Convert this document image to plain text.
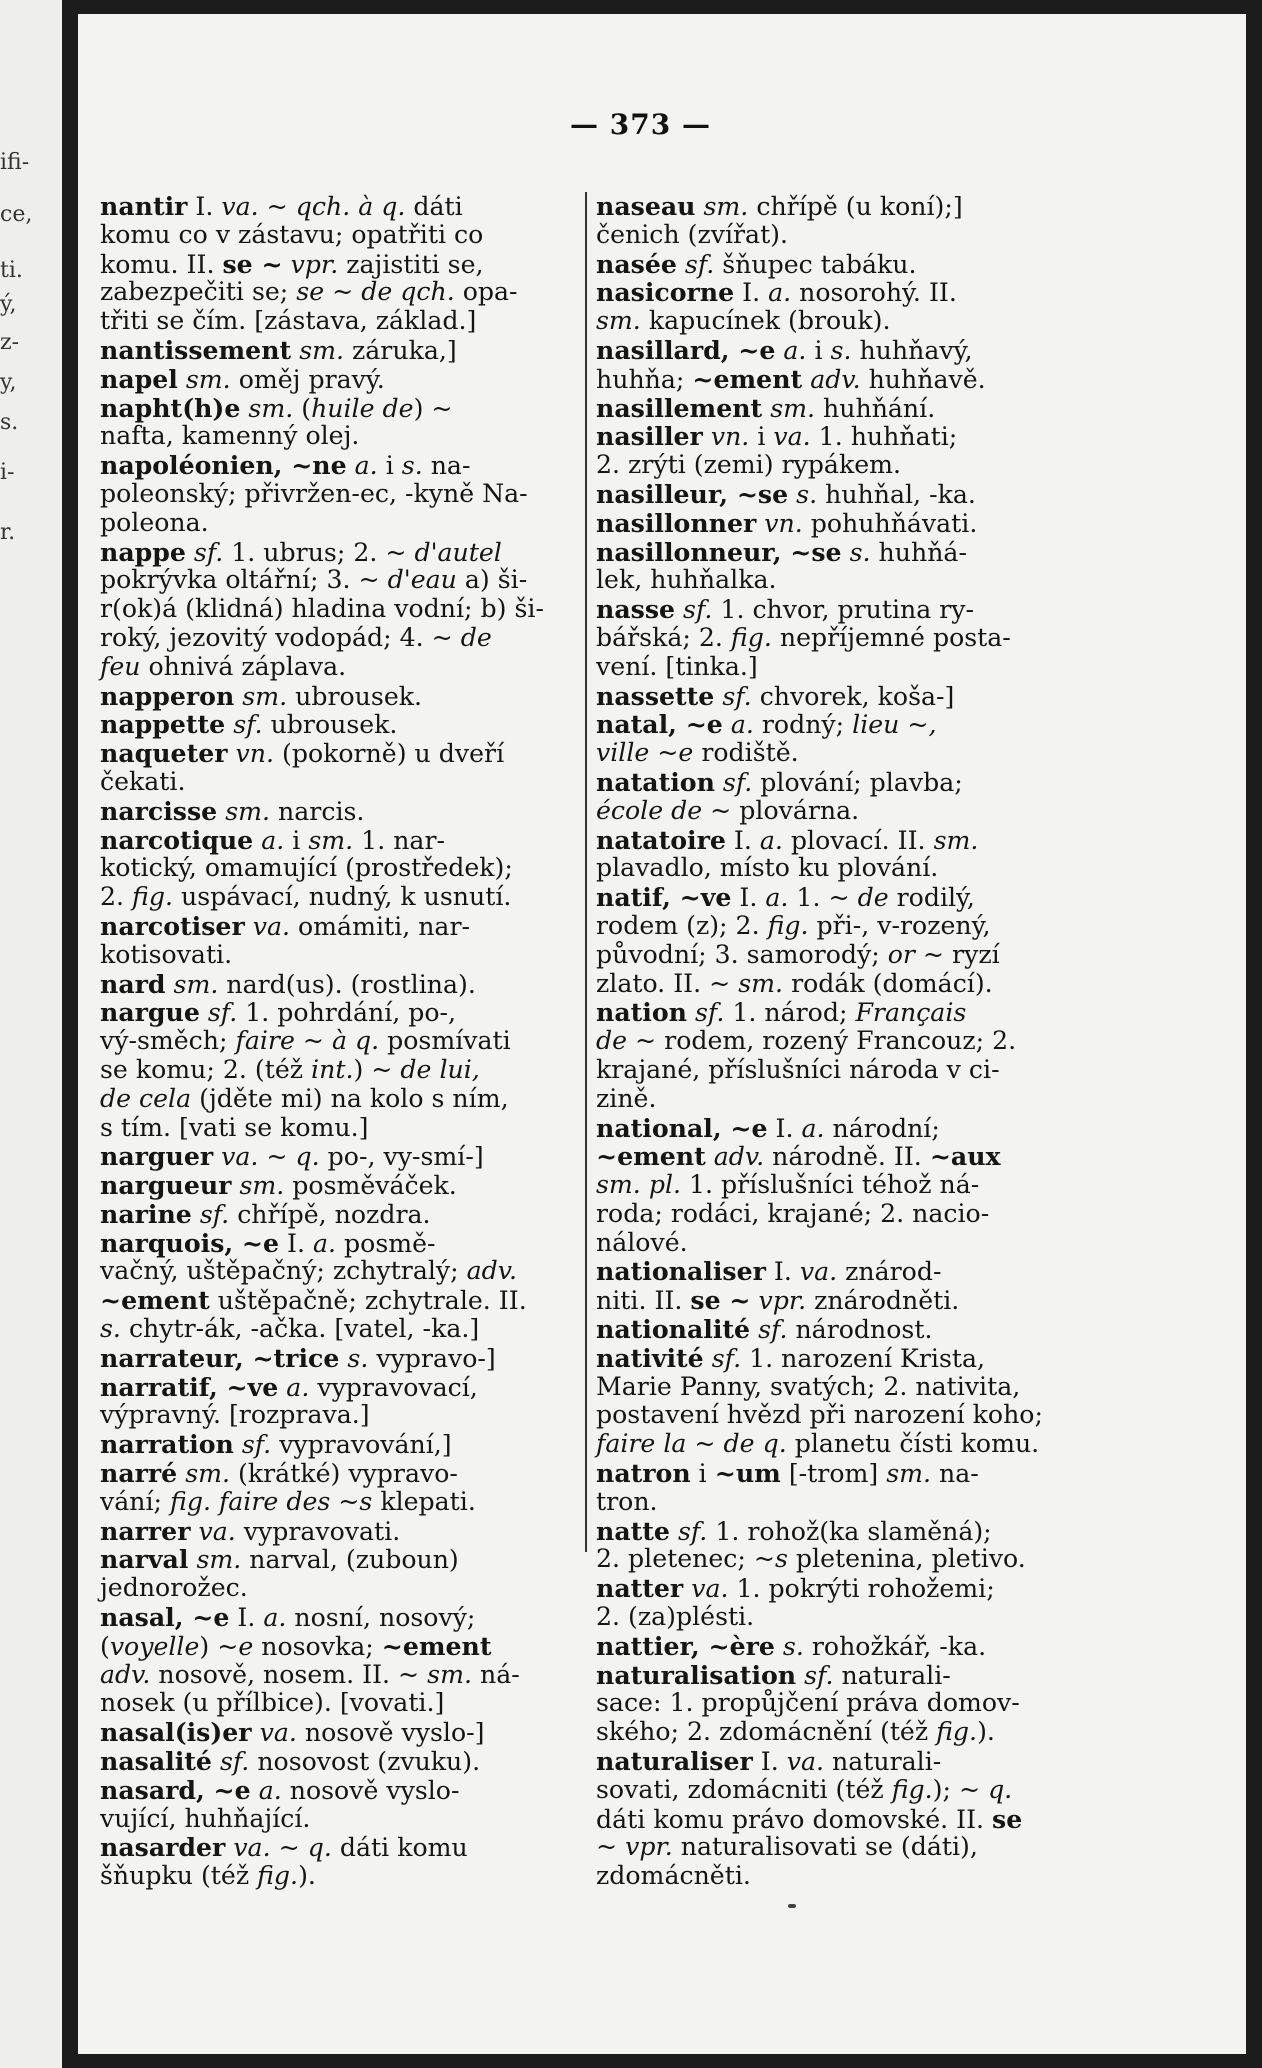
ifi-
ce,
ti.
ý,
z-
y,
s.
i-
r.
— 373 —
nantir I. va. ~ qch. à q. dáti
komu co v zástavu; opatřiti co
komu. II. se ~ vpr. zajistiti se,
zabezpečiti se; se ~ de qch. opa-
třiti se čím. [zástava, základ.]
nantissement sm. záruka,]
napel sm. oměj pravý.
napht(h)e sm. (huile de) ~
nafta, kamenný olej.
napoléonien, ~ne a. i s. na-
poleonský; přivržen-ec, -kyně Na-
poleona.
nappe sf. 1. ubrus; 2. ~ d'autel
pokrývka oltářní; 3. ~ d'eau a) ši-
r(ok)á (klidná) hladina vodní; b) ši-
roký, jezovitý vodopád; 4. ~ de
feu ohnivá záplava.
napperon sm. ubrousek.
nappette sf. ubrousek.
naqueter vn. (pokorně) u dveří
čekati.
narcisse sm. narcis.
narcotique a. i sm. 1. nar-
kotický, omamující (prostředek);
2. fig. uspávací, nudný, k usnutí.
narcotiser va. omámiti, nar-
kotisovati.
nard sm. nard(us). (rostlina).
nargue sf. 1. pohrdání, po-,
vý-směch; faire ~ à q. posmívati
se komu; 2. (též int.) ~ de lui,
de cela (jděte mi) na kolo s ním,
s tím. [vati se komu.]
narguer va. ~ q. po-, vy-smí-]
nargueur sm. posměváček.
narine sf. chřípě, nozdra.
narquois, ~e I. a. posmě-
vačný, uštěpačný; zchytralý; adv.
~ement uštěpačně; zchytrale. II.
s. chytr-ák, -ačka. [vatel, -ka.]
narrateur, ~trice s. vypravo-]
narratif, ~ve a. vypravovací,
výpravný. [rozprava.]
narration sf. vypravování,]
narré sm. (krátké) vypravo-
vání; fig. faire des ~s klepati.
narrer va. vypravovati.
narval sm. narval, (zuboun)
jednorožec.
nasal, ~e I. a. nosní, nosový;
(voyelle) ~e nosovka; ~ement
adv. nosově, nosem. II. ~ sm. ná-
nosek (u přílbice). [vovati.]
nasal(is)er va. nosově vyslo-]
nasalité sf. nosovost (zvuku).
nasard, ~e a. nosově vyslo-
vující, huhňající.
nasarder va. ~ q. dáti komu
šňupku (též fig.).
naseau sm. chřípě (u koní);]
čenich (zvířat).
nasée sf. šňupec tabáku.
nasicorne I. a. nosorohý. II.
sm. kapucínek (brouk).
nasillard, ~e a. i s. huhňavý,
huhňa; ~ement adv. huhňavě.
nasillement sm. huhňání.
nasiller vn. i va. 1. huhňati;
2. zrýti (zemi) rypákem.
nasilleur, ~se s. huhňal, -ka.
nasillonner vn. pohuhňávati.
nasillonneur, ~se s. huhňá-
lek, huhňalka.
nasse sf. 1. chvor, prutina ry-
bářská; 2. fig. nepříjemné posta-
vení. [tinka.]
nassette sf. chvorek, koša-]
natal, ~e a. rodný; lieu ~,
ville ~e rodiště.
natation sf. plování; plavba;
école de ~ plovárna.
natatoire I. a. plovací. II. sm.
plavadlo, místo ku plování.
natif, ~ve I. a. 1. ~ de rodilý,
rodem (z); 2. fig. při-, v-rozený,
původní; 3. samorodý; or ~ ryzí
zlato. II. ~ sm. rodák (domácí).
nation sf. 1. národ; Français
de ~ rodem, rozený Francouz; 2.
krajané, příslušníci národa v ci-
zině.
national, ~e I. a. národní;
~ement adv. národně. II. ~aux
sm. pl. 1. příslušníci téhož ná-
roda; rodáci, krajané; 2. nacio-
nálové.
nationaliser I. va. znárod-
niti. II. se ~ vpr. znárodněti.
nationalité sf. národnost.
nativité sf. 1. narození Krista,
Marie Panny, svatých; 2. nativita,
postavení hvězd při narození koho;
faire la ~ de q. planetu čísti komu.
natron i ~um [-trom] sm. na-
tron.
natte sf. 1. rohož(ka slaměná);
2. pletenec; ~s pletenina, pletivo.
natter va. 1. pokrýti rohožemi;
2. (za)plésti.
nattier, ~ère s. rohožkář, -ka.
naturalisation sf. naturali-
sace: 1. propůjčení práva domov-
ského; 2. zdomácnění (též fig.).
naturaliser I. va. naturali-
sovati, zdomácniti (též fig.); ~ q.
dáti komu právo domovské. II. se
~ vpr. naturalisovati se (dáti),
zdomácněti.
